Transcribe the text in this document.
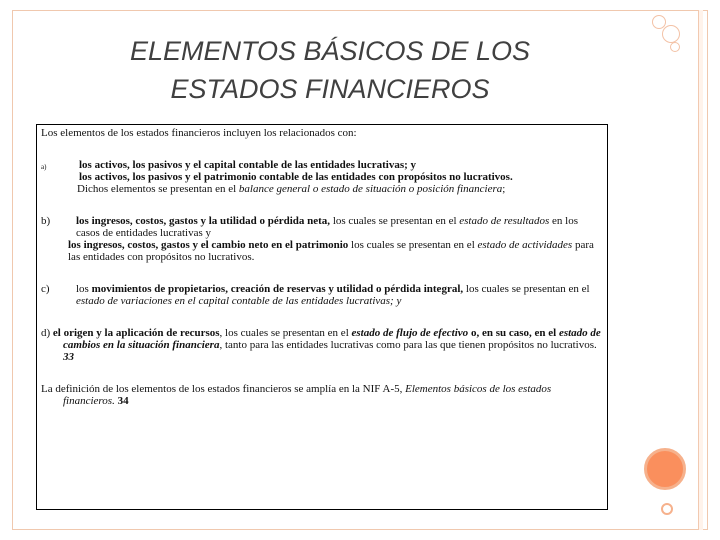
ELEMENTOS BÁSICOS DE LOS
ESTADOS FINANCIEROS

Los elementos de los estados financieros incluyen los relacionados con:

a)	los activos, los pasivos y el capital contable de las entidades lucrativas; y
los activos, los pasivos y el patrimonio contable de las entidades con propósitos no lucrativos.
Dichos elementos se presentan en el balance general o estado de situación o posición financiera;
b)	los ingresos, costos, gastos y la utilidad o pérdida neta, los cuales se presentan en el estado de resultados en los casos de entidades lucrativas y

los ingresos, costos, gastos y el cambio neto en el patrimonio los cuales se presentan en el estado de actividades para las entidades con propósitos no lucrativos.

c)	los movimientos de propietarios, creación de reservas y utilidad o pérdida integral, los cuales se presentan en el estado de variaciones en el capital contable de las entidades lucrativas; y

d) el origen y la aplicación de recursos, los cuales se presentan en el estado de flujo de efectivo o, en su caso, en el estado de cambios en la situación financiera, tanto para las entidades lucrativas como para las que tienen propósitos no lucrativos. 33

La definición de los elementos de los estados financieros se amplía en la NIF A-5, Elementos básicos de los estados financieros. 34
